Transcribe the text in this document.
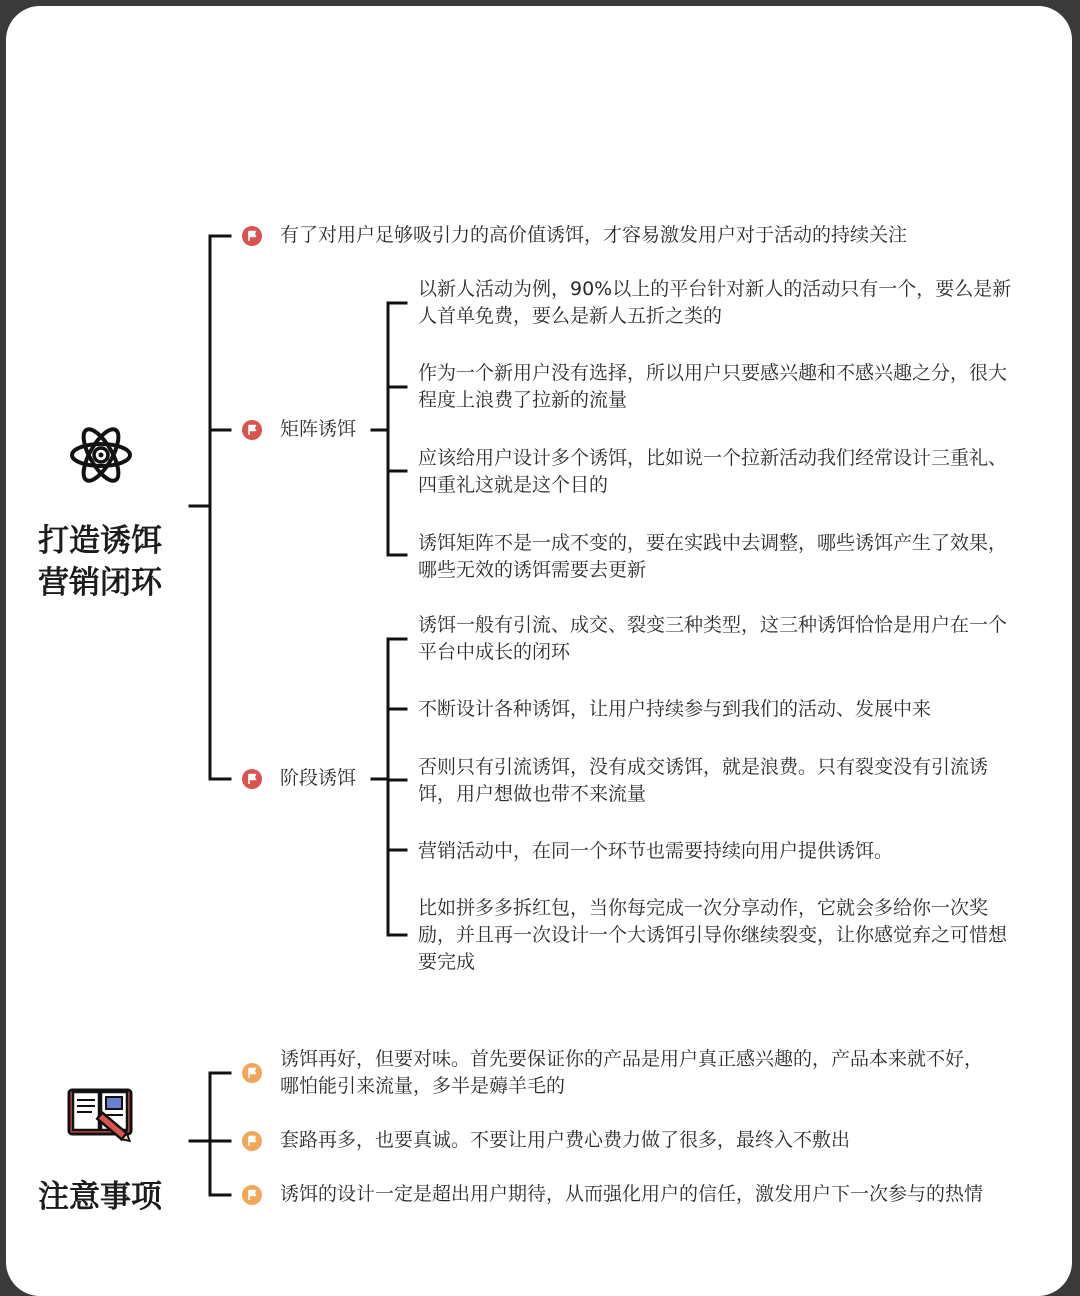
打造诱饵
营销闭环
有了对用户足够吸引力的高价值诱饵，才容易激发用户对于活动的持续关注
矩阵诱饵
以新人活动为例，90%以上的平台针对新人的活动只有一个，要么是新
人首单免费，要么是新人五折之类的
作为一个新用户没有选择，所以用户只要感兴趣和不感兴趣之分，很大
程度上浪费了拉新的流量
应该给用户设计多个诱饵，比如说一个拉新活动我们经常设计三重礼、
四重礼这就是这个目的
诱饵矩阵不是一成不变的，要在实践中去调整，哪些诱饵产生了效果，
哪些无效的诱饵需要去更新
阶段诱饵
诱饵一般有引流、成交、裂变三种类型，这三种诱饵恰恰是用户在一个
平台中成长的闭环
不断设计各种诱饵，让用户持续参与到我们的活动、发展中来
否则只有引流诱饵，没有成交诱饵，就是浪费。只有裂变没有引流诱
饵，用户想做也带不来流量
营销活动中，在同一个环节也需要持续向用户提供诱饵。
比如拼多多拆红包，当你每完成一次分享动作，它就会多给你一次奖
励，并且再一次设计一个大诱饵引导你继续裂变，让你感觉弃之可惜想
要完成
注意事项
诱饵再好，但要对味。首先要保证你的产品是用户真正感兴趣的，产品本来就不好，
哪怕能引来流量，多半是薅羊毛的
套路再多，也要真诚。不要让用户费心费力做了很多，最终入不敷出
诱饵的设计一定是超出用户期待，从而强化用户的信任，激发用户下一次参与的热情
